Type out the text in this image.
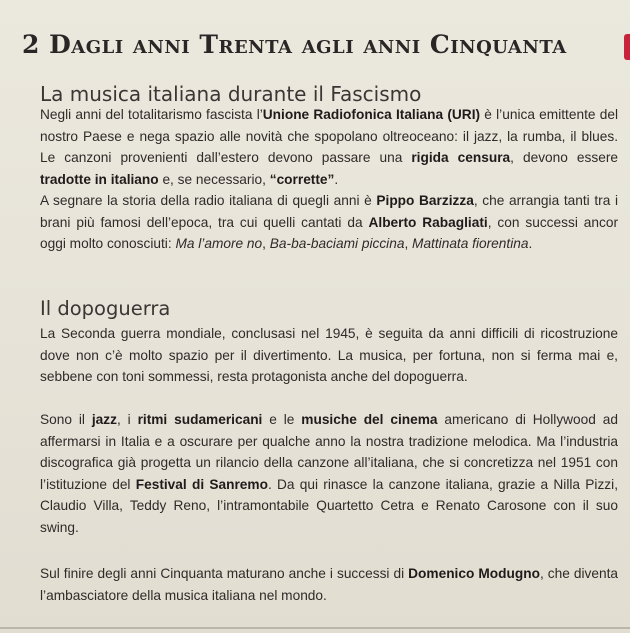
2 Dagli anni Trenta agli anni Cinquanta
La musica italiana durante il Fascismo

Negli anni del totalitarismo fascista l’Unione Radiofonica Italiana (URI) è l’unica emittente del nostro Paese e nega spazio alle novità che spopolano oltreoceano: il jazz, la rumba, il blues. Le canzoni provenienti dall’estero devono passare una rigida censura, devono essere tradotte in italiano e, se necessario, “corrette”.

A segnare la storia della radio italiana di quegli anni è Pippo Barzizza, che arrangia tanti tra i brani più famosi dell’epoca, tra cui quelli cantati da Alberto Rabagliati, con successi ancor oggi molto conosciuti: Ma l’amore no, Ba-ba-baciami piccina, Mattinata fiorentina.

Il dopoguerra

La Seconda guerra mondiale, conclusasi nel 1945, è seguita da anni difficili di ricostruzione dove non c’è molto spazio per il divertimento. La musica, per fortuna, non si ferma mai e, sebbene con toni sommessi, resta protagonista anche del dopoguerra.

Sono il jazz, i ritmi sudamericani e le musiche del cinema americano di Hollywood ad affermarsi in Italia e a oscurare per qualche anno la nostra tradizione melodica. Ma l’industria discografica già progetta un rilancio della canzone all’italiana, che si concretizza nel 1951 con l’istituzione del Festival di Sanremo. Da qui rinasce la canzone italiana, grazie a Nilla Pizzi, Claudio Villa, Teddy Reno, l’intramontabile Quartetto Cetra e Renato Carosone con il suo swing.

Sul finire degli anni Cinquanta maturano anche i successi di Domenico Modugno, che diventa l’ambasciatore della musica italiana nel mondo.
